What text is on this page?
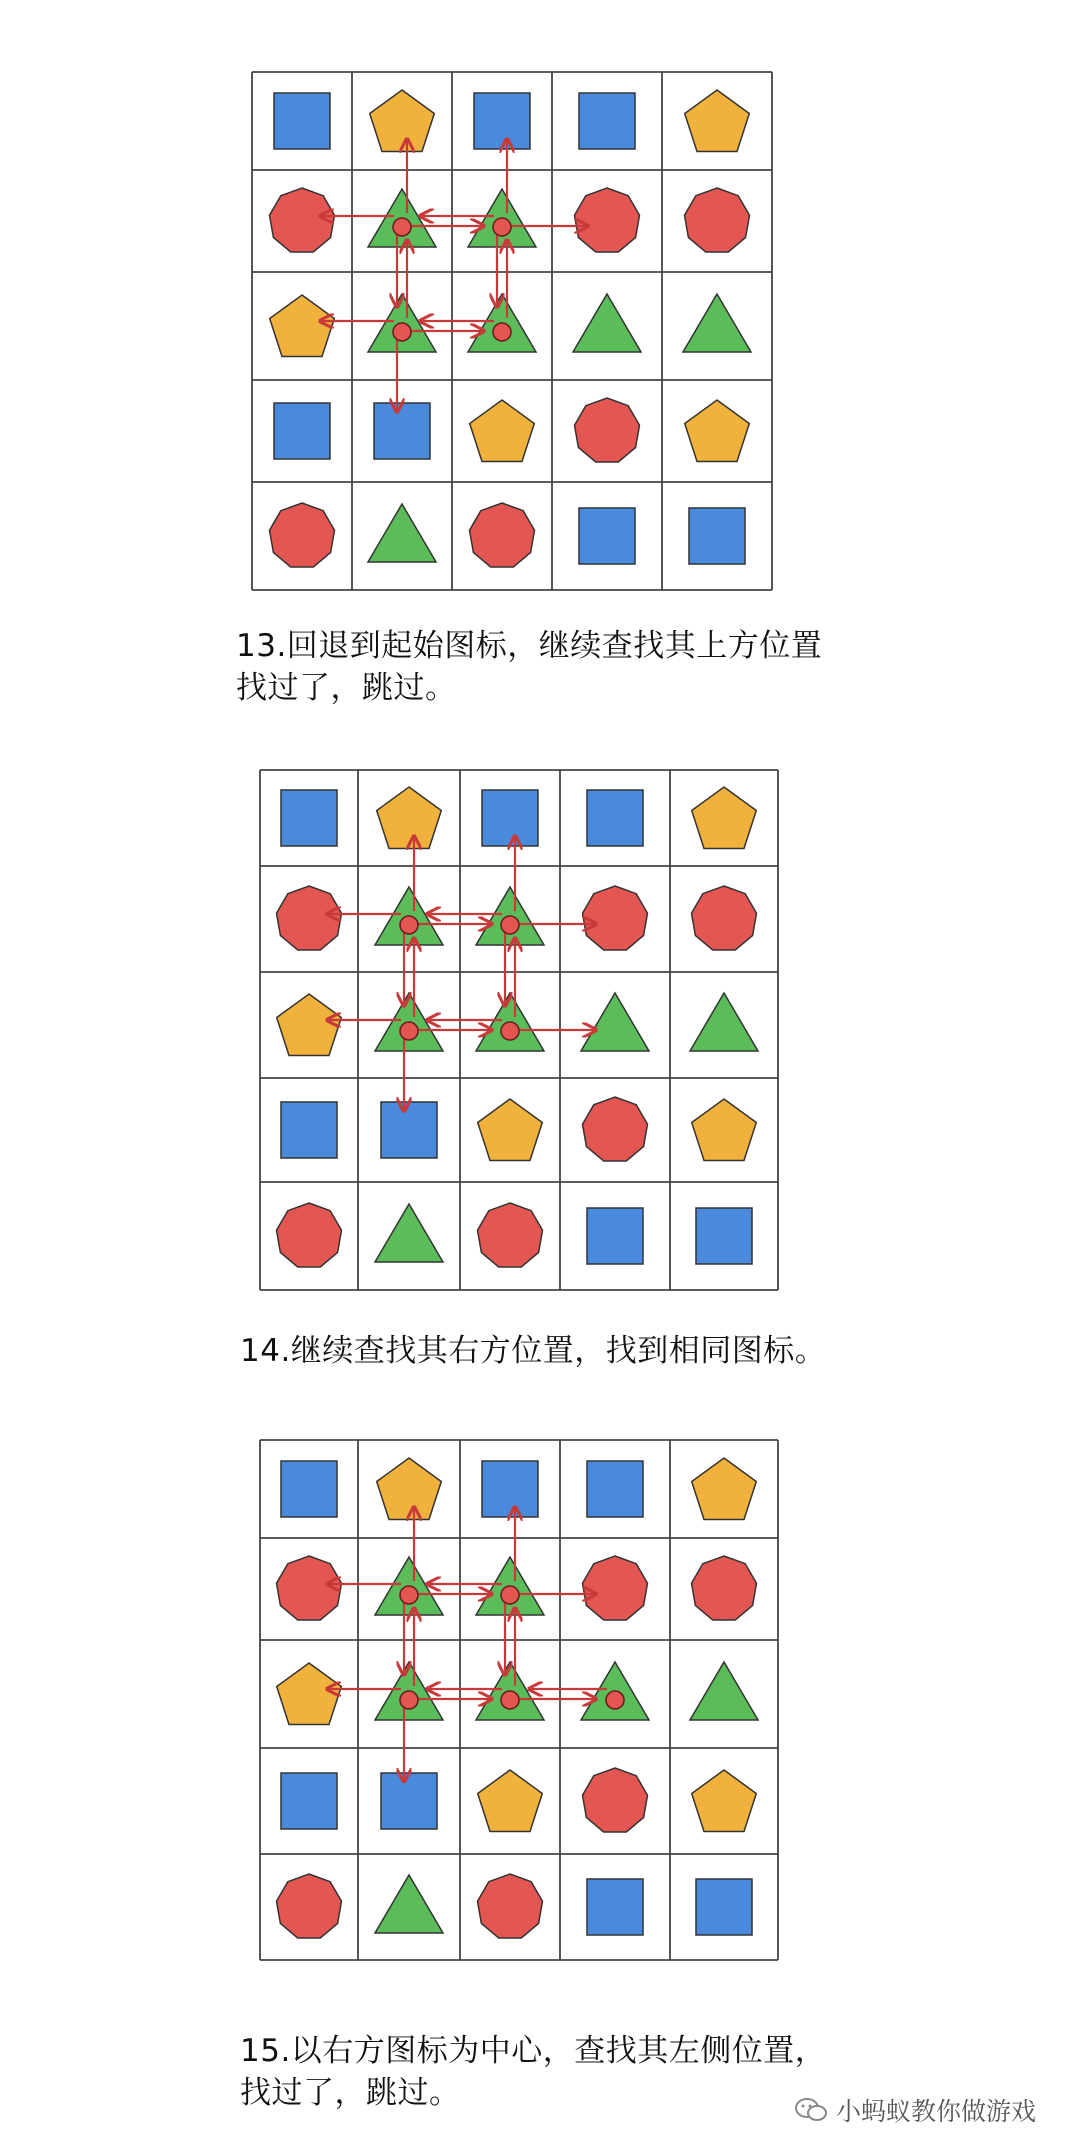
13.回退到起始图标，继续查找其上方位置
找过了，跳过。
14.继续查找其右方位置，找到相同图标。
15.以右方图标为中心，查找其左侧位置，
找过了，跳过。
小蚂蚁教你做游戏
